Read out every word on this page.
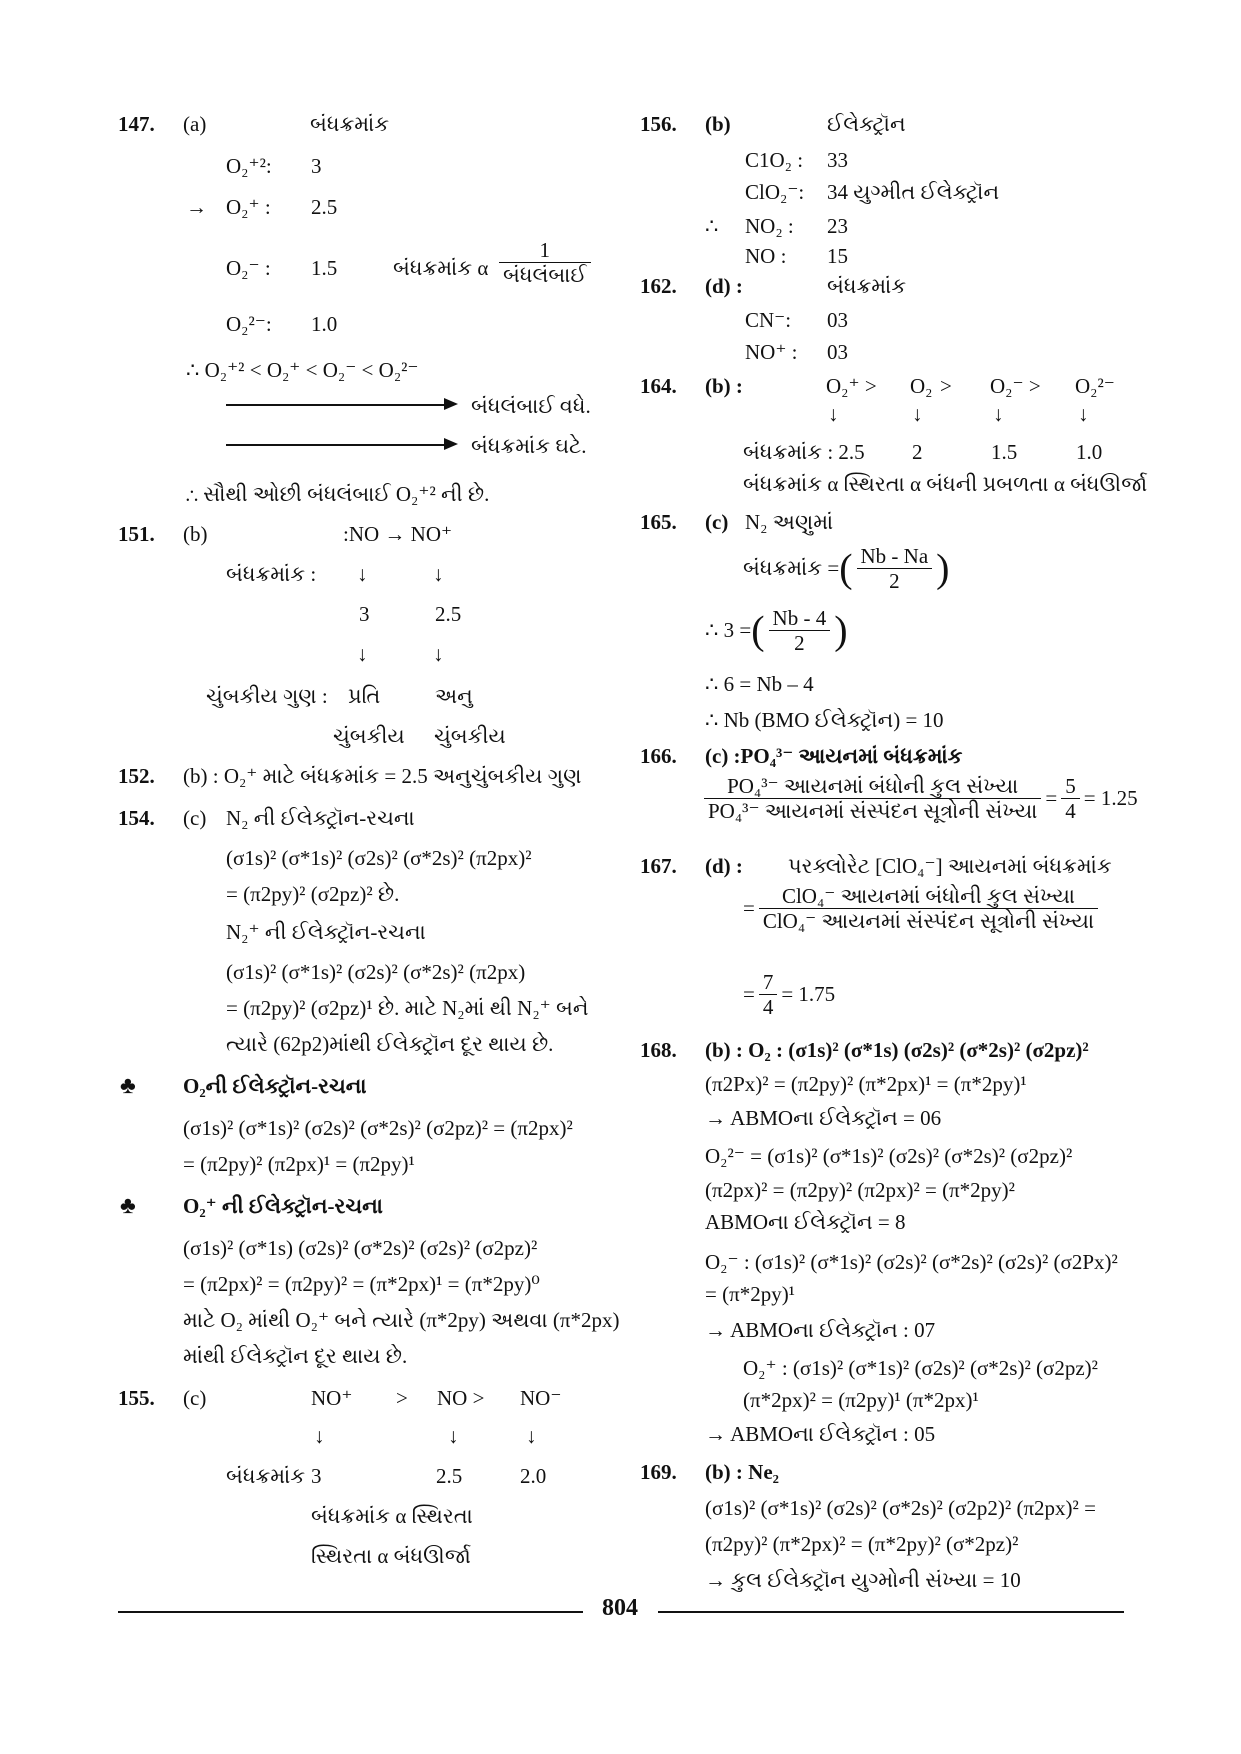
147. (a)	બંધક્રમાંક
O₂⁺²: 3
→ O₂⁺ : 2.5
O₂⁻ : 1.5	બંધક્રમાંક α $\frac{1}{\text{બંધલંબાઈ}}$
O₂²⁻: 1.0
∴ O₂⁺² < O₂⁺ < O₂⁻ < O₂²⁻
બંધલંબાઈ વધે.
બંધક્રમાંક ઘટે.
∴ સૌથી ઓછી બંધલંબાઈ O₂⁺² ની છે.
151. (b)	:NO → NO⁺
બંધક્રમાંક : ↓	↓
3	2.5
↓	↓
ચુંબકીય ગુણ : પ્રતિ	અનુ
ચુંબકીય ચુંબકીય
152. (b) : O₂⁺ માટે બંધક્રમાંક = 2.5 અનુચુંબકીય ગુણ
154. (c) N₂ ની ઈલેક્ટ્રૉન-રચના
(σ1s)² (σ*1s)² (σ2s)² (σ*2s)² (π2px)²
= (π2py)² (σ2pz)² છે.
N₂⁺ ની ઈલેક્ટ્રૉન-રચના
(σ1s)² (σ*1s)² (σ2s)² (σ*2s)² (π2px)
= (π2py)² (σ2pz)¹ છે. માટે N₂માં થી N₂⁺ બને
ત્યારે (62p2)માંથી ઈલેક્ટ્રૉન દૂર થાય છે.
♣ O₂ની ઈલેક્ટ્રૉન-રચના
(σ1s)² (σ*1s)² (σ2s)² (σ*2s)² (σ2pz)² = (π2px)²
= (π2py)² (π2px)¹ = (π2py)¹
♣ O₂⁺ ની ઈલેક્ટ્રૉન-રચના
(σ1s)² (σ*1s) (σ2s)² (σ*2s)² (σ2s)² (σ2pz)²
= (π2px)² = (π2py)² = (π*2px)¹ = (π*2py)⁰
માટે O₂ માંથી O₂⁺ બને ત્યારે (π*2py) અથવા (π*2px)
માંથી ઈલેક્ટ્રૉન દૂર થાય છે.
155. (c)	NO⁺ > NO > NO⁻
↓	↓	↓
બંધક્રમાંક 3	2.5	2.0
બંધક્રમાંક α સ્થિરતા
સ્થિરતા α બંધઊર્જા
156. (b)	ઈલેક્ટ્રૉન
C1O₂ : 33
ClO₂⁻: 34 યુગ્મીત ઈલેક્ટ્રૉન
∴ NO₂ : 23
NO : 15
162. (d) :	બંધક્રમાંક
CN⁻: 03
NO⁺ : 03
164. (b) :	O₂⁺ > O₂ > O₂⁻ > O₂²⁻
↓	↓	↓	↓
બંધક્રમાંક : 2.5 2	1.5	1.0
બંધક્રમાંક α સ્થિરતા α બંધની પ્રબળતા α બંધઊર્જા
165. (c) N₂ અણુમાં
બંધક્રમાંક =( $\frac{Nb - Na}{2}$ )
∴ 3 =( $\frac{Nb - 4}{2}$ )
∴ 6 = Nb – 4
∴ Nb (BMO ઈલેક્ટ્રૉન) = 10
166. (c) :PO₄³⁻ આયનમાં બંધક્રમાંક
$\frac{\text{PO₄³⁻ આયનમાં બંધોની કુલ સંખ્યા}}{\text{PO₄³⁻ આયનમાં સંસ્પંદન સૂત્રોની સંખ્યા}} = \frac{5}{4} = 1.25$
167. (d) : પરક્લોરેટ [ClO₄⁻] આયનમાં બંધક્રમાંક
= $\frac{\text{ClO₄⁻ આયનમાં બંધોની કુલ સંખ્યા}}{\text{ClO₄⁻ આયનમાં સંસ્પંદન સૂત્રોની સંખ્યા}}$
= $\frac{7}{4} = 1.75$
168. (b) : O₂ : (σ1s)² (σ*1s) (σ2s)² (σ*2s)² (σ2pz)²
(π2Px)² = (π2py)² (π*2px)¹ = (π*2py)¹
→ ABMOના ઈલેક્ટ્રૉન = 06
O₂²⁻ = (σ1s)² (σ*1s)² (σ2s)² (σ*2s)² (σ2pz)²
(π2px)² = (π2py)² (π2px)² = (π*2py)²
ABMOના ઈલેક્ટ્રૉન = 8
O₂⁻ : (σ1s)² (σ*1s)² (σ2s)² (σ*2s)² (σ2s)² (σ2Px)²
= (π*2py)¹
→ ABMOના ઈલેક્ટ્રૉન : 07
O₂⁺ : (σ1s)² (σ*1s)² (σ2s)² (σ*2s)² (σ2pz)²
(π*2px)² = (π2py)¹ (π*2px)¹
→ ABMOના ઈલેક્ટ્રૉન : 05
169. (b) : Ne₂
(σ1s)² (σ*1s)² (σ2s)² (σ*2s)² (σ2p2)² (π2px)² =
(π2py)² (π*2px)² = (π*2py)² (σ*2pz)²
→ કુલ ઈલેક્ટ્રૉન યુગ્મોની સંખ્યા = 10
804
